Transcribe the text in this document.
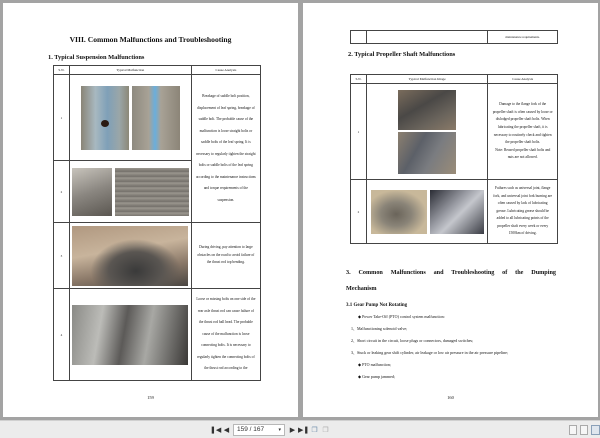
VIII. Common Malfunctions and Troubleshooting
1. Typical Suspension Malfunctions
S.N.	Typical Malfunction	Cause Analysis
1		Breakage of saddle bolt position, displacement of leaf spring, breakage of saddle bolt. The probable cause of the malfunction is loose straight bolts or saddle bolts of the leaf spring. It is necessary to regularly tighten the straight bolts or saddle bolts of the leaf spring according to the maintenance instructions and torque requirements of the suspension.
2		
3		During driving, pay attention to large obstacles on the road to avoid failure of the thrust rod top bending.
4		Loose or missing bolts on one side of the rear axle thrust rod can cause failure of the thrust rod ball head. The probable cause of the malfunction is loose connecting bolts. It is necessary to regularly tighten the connecting bolts of the thrust rod according to the
159
		maintenance requirements.
2. Typical Propeller Shaft Malfunctions
S.N.	Typical Malfunction Image	Cause Analysis
1		Damage to the flange fork of the propeller shaft is often caused by loose or dislodged propeller shaft bolts. When lubricating the propeller shaft, it is necessary to routinely check and tighten the propeller shaft bolts.
Note: Reused propeller shaft bolts and nuts are not allowed.
2		Failures such as universal joint, flange fork, and universal joint fork burning are often caused by lack of lubricating grease. Lubricating grease should be added to all lubricating points of the propeller shaft every week or every 1500km of driving.
3. Common Malfunctions and Troubleshooting of the Dumping
Mechanism
3.1 Gear Pump Not Rotating
◆ Power Take-Off (PTO) control system malfunction:
1、Malfunctioning solenoid valve;
2、Short circuit in the circuit, loose plugs or connectors, damaged switches;
3、Stuck or leaking gear shift cylinder, air leakage or low air pressure in the air pressure pipeline;
◆ PTO malfunction;
◆ Gear pump jammed;
160
❚◀ ◀	159 / 167	▾ ▶ ▶❚ ❐ ❐
